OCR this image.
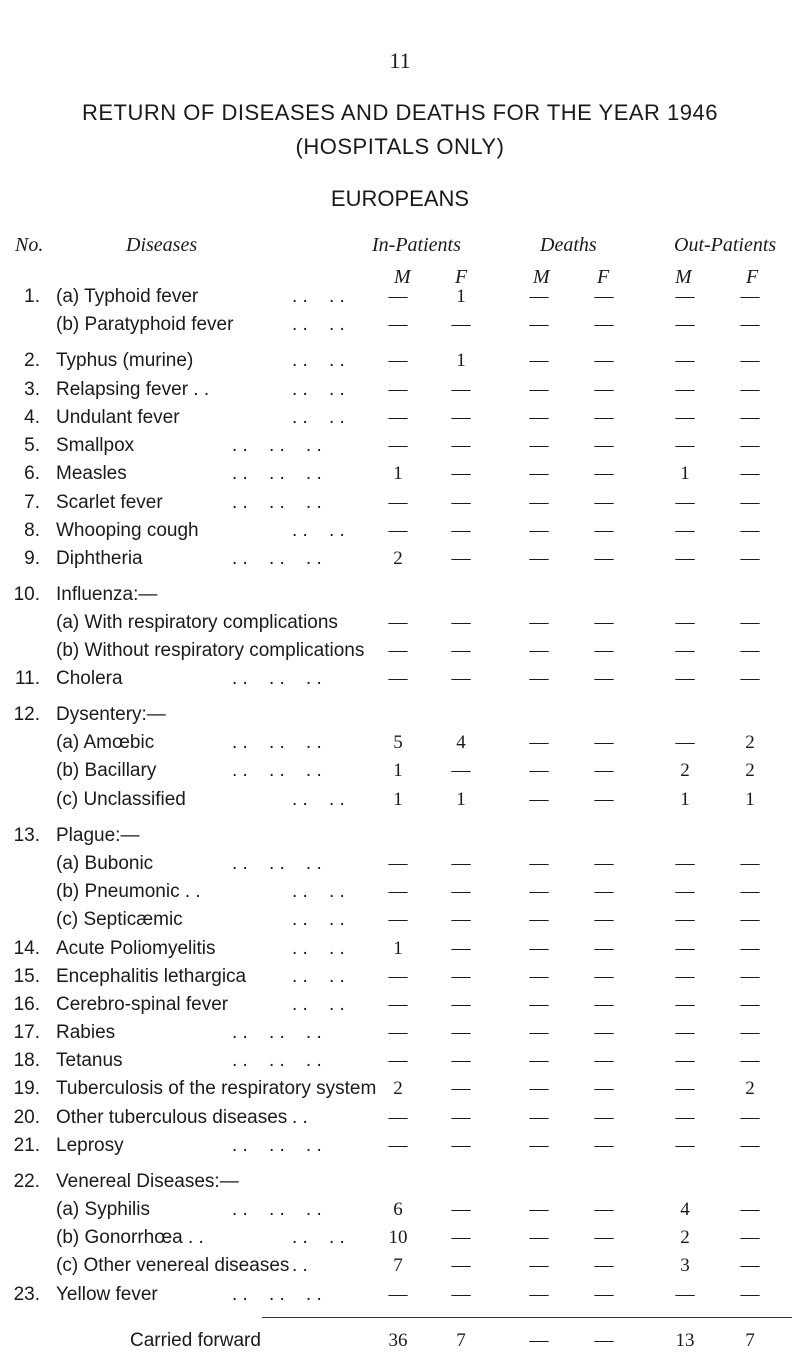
11
RETURN OF DISEASES AND DEATHS FOR THE YEAR 1946
(HOSPITALS ONLY)
EUROPEANS
No.	Diseases	In-Patients	Deaths	Out-Patients
M F	M F	M	F
1. (a) Typhoid fever	. .    . .	—	1	—	—	—	—
(b) Paratyphoid fever	. .    . .	—	—	—	—	—	—
2. Typhus (murine)	. .    . .	—	1	—	—	—	—
3. Relapsing fever . .	. .    . .	—	—	—	—	—	—
4. Undulant fever	. .    . .	—	—	—	—	—	—
5. Smallpox	. .    . .    . .	—	—	—	—	—	—
6. Measles	. .    . .    . .	1	—	—	—	1	—
7. Scarlet fever	. .    . .    . .	—	—	—	—	—	—
8. Whooping cough	. .    . .	—	—	—	—	—	—
9. Diphtheria	. .    . .    . .	2	—	—	—	—	—
10. Influenza:—
(a) With respiratory complications	—	—	—	—	—	—
(b) Without respiratory complications	—	—	—	—	—	—
11. Cholera	. .    . .    . .	—	—	—	—	—	—
12. Dysentery:—
(a) Amœbic	. .    . .    . .	5	4	—	—	—	2
(b) Bacillary	. .    . .    . .	1	—	—	—	2	2
(c) Unclassified	. .    . .	1	1	—	—	1	1
13. Plague:—
(a) Bubonic	. .    . .    . .	—	—	—	—	—	—
(b) Pneumonic . .	. .    . .	—	—	—	—	—	—
(c) Septicæmic	. .    . .	—	—	—	—	—	—
14. Acute Poliomyelitis	. .    . .	1	—	—	—	—	—
15. Encephalitis lethargica . .    . .	—	—	—	—	—	—
16. Cerebro-spinal fever	. .    . .	—	—	—	—	—	—
17. Rabies	. .    . .    . .	—	—	—	—	—	—
18. Tetanus	. .    . .    . .	—	—	—	—	—	—
19. Tuberculosis of the respiratory system 2	—	—	—	—	2
20. Other tuberculous diseases . .	—	—	—	—	—	—
21. Leprosy	. .    . .    . .	—	—	—	—	—	—
22. Venereal Diseases:—
(a) Syphilis	. .    . .    . .	6	—	—	—	4	—
(b) Gonorrhœa . .	. .    . .	10	—	—	—	2	—
(c) Other venereal diseases . .	7	—	—	—	3	—
23. Yellow fever	. .    . .    . .	—	—	—	—	—	—
Carried forward	36	7	—	—	13	7
